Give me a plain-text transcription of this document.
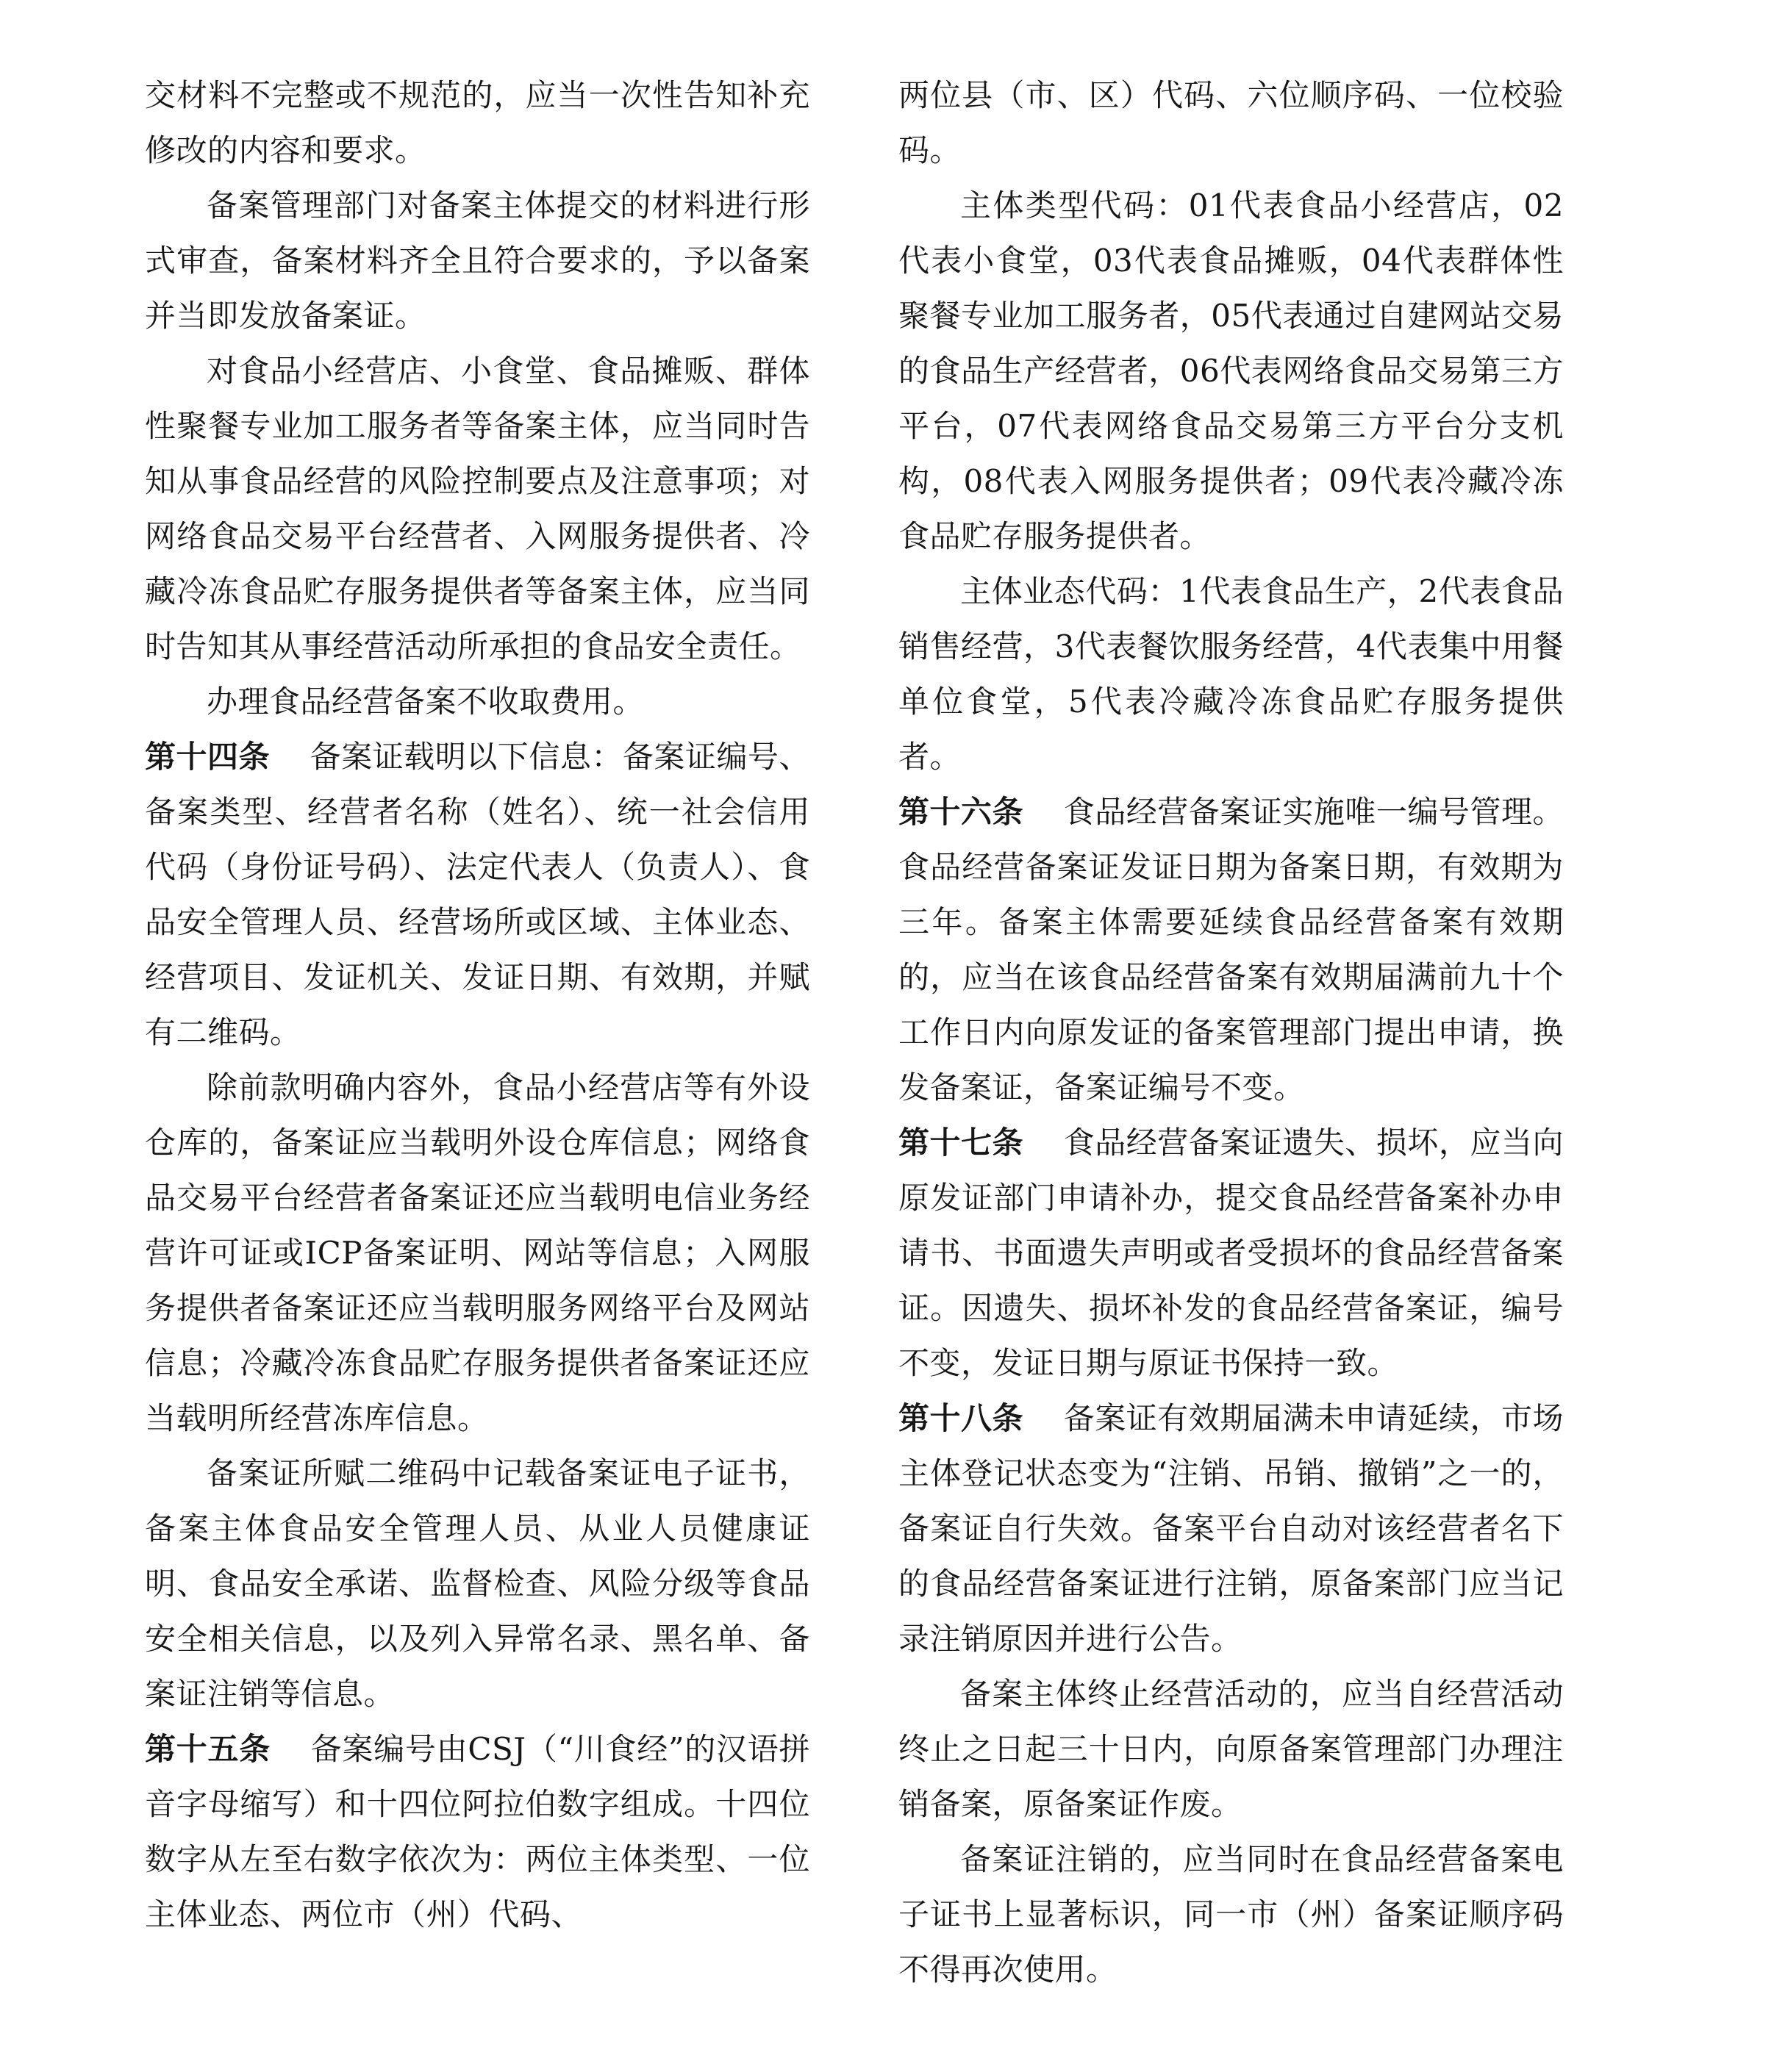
交材料不完整或不规范的，应当一次性告知补充修改的内容和要求。

备案管理部门对备案主体提交的材料进行形式审查，备案材料齐全且符合要求的，予以备案并当即发放备案证。

对食品小经营店、小食堂、食品摊贩、群体性聚餐专业加工服务者等备案主体，应当同时告知从事食品经营的风险控制要点及注意事项；对网络食品交易平台经营者、入网服务提供者、冷藏冷冻食品贮存服务提供者等备案主体，应当同时告知其从事经营活动所承担的食品安全责任。

办理食品经营备案不收取费用。

第十四条 备案证载明以下信息：备案证编号、备案类型、经营者名称（姓名）、统一社会信用代码（身份证号码）、法定代表人（负责人）、食品安全管理人员、经营场所或区域、主体业态、经营项目、发证机关、发证日期、有效期，并赋有二维码。

除前款明确内容外，食品小经营店等有外设仓库的，备案证应当载明外设仓库信息；网络食品交易平台经营者备案证还应当载明电信业务经营许可证或ICP备案证明、网站等信息；入网服务提供者备案证还应当载明服务网络平台及网站信息；冷藏冷冻食品贮存服务提供者备案证还应当载明所经营冻库信息。

备案证所赋二维码中记载备案证电子证书，备案主体食品安全管理人员、从业人员健康证明、食品安全承诺、监督检查、风险分级等食品安全相关信息，以及列入异常名录、黑名单、备案证注销等信息。

第十五条 备案编号由CSJ（“川食经”的汉语拼音字母缩写）和十四位阿拉伯数字组成。十四位数字从左至右数字依次为：两位主体类型、一位主体业态、两位市（州）代码、

两位县（市、区）代码、六位顺序码、一位校验码。

主体类型代码：01代表食品小经营店，02代表小食堂，03代表食品摊贩，04代表群体性聚餐专业加工服务者，05代表通过自建网站交易的食品生产经营者，06代表网络食品交易第三方平台，07代表网络食品交易第三方平台分支机构，08代表入网服务提供者；09代表冷藏冷冻食品贮存服务提供者。

主体业态代码：1代表食品生产，2代表食品销售经营，3代表餐饮服务经营，4代表集中用餐单位食堂，5代表冷藏冷冻食品贮存服务提供者。

第十六条 食品经营备案证实施唯一编号管理。食品经营备案证发证日期为备案日期，有效期为三年。备案主体需要延续食品经营备案有效期的，应当在该食品经营备案有效期届满前九十个工作日内向原发证的备案管理部门提出申请，换发备案证，备案证编号不变。

第十七条 食品经营备案证遗失、损坏，应当向原发证部门申请补办，提交食品经营备案补办申请书、书面遗失声明或者受损坏的食品经营备案证。因遗失、损坏补发的食品经营备案证，编号不变，发证日期与原证书保持一致。

第十八条 备案证有效期届满未申请延续，市场主体登记状态变为“注销、吊销、撤销”之一的，备案证自行失效。备案平台自动对该经营者名下的食品经营备案证进行注销，原备案部门应当记录注销原因并进行公告。

备案主体终止经营活动的，应当自经营活动终止之日起三十日内，向原备案管理部门办理注销备案，原备案证作废。

备案证注销的，应当同时在食品经营备案电子证书上显著标识，同一市（州）备案证顺序码不得再次使用。
